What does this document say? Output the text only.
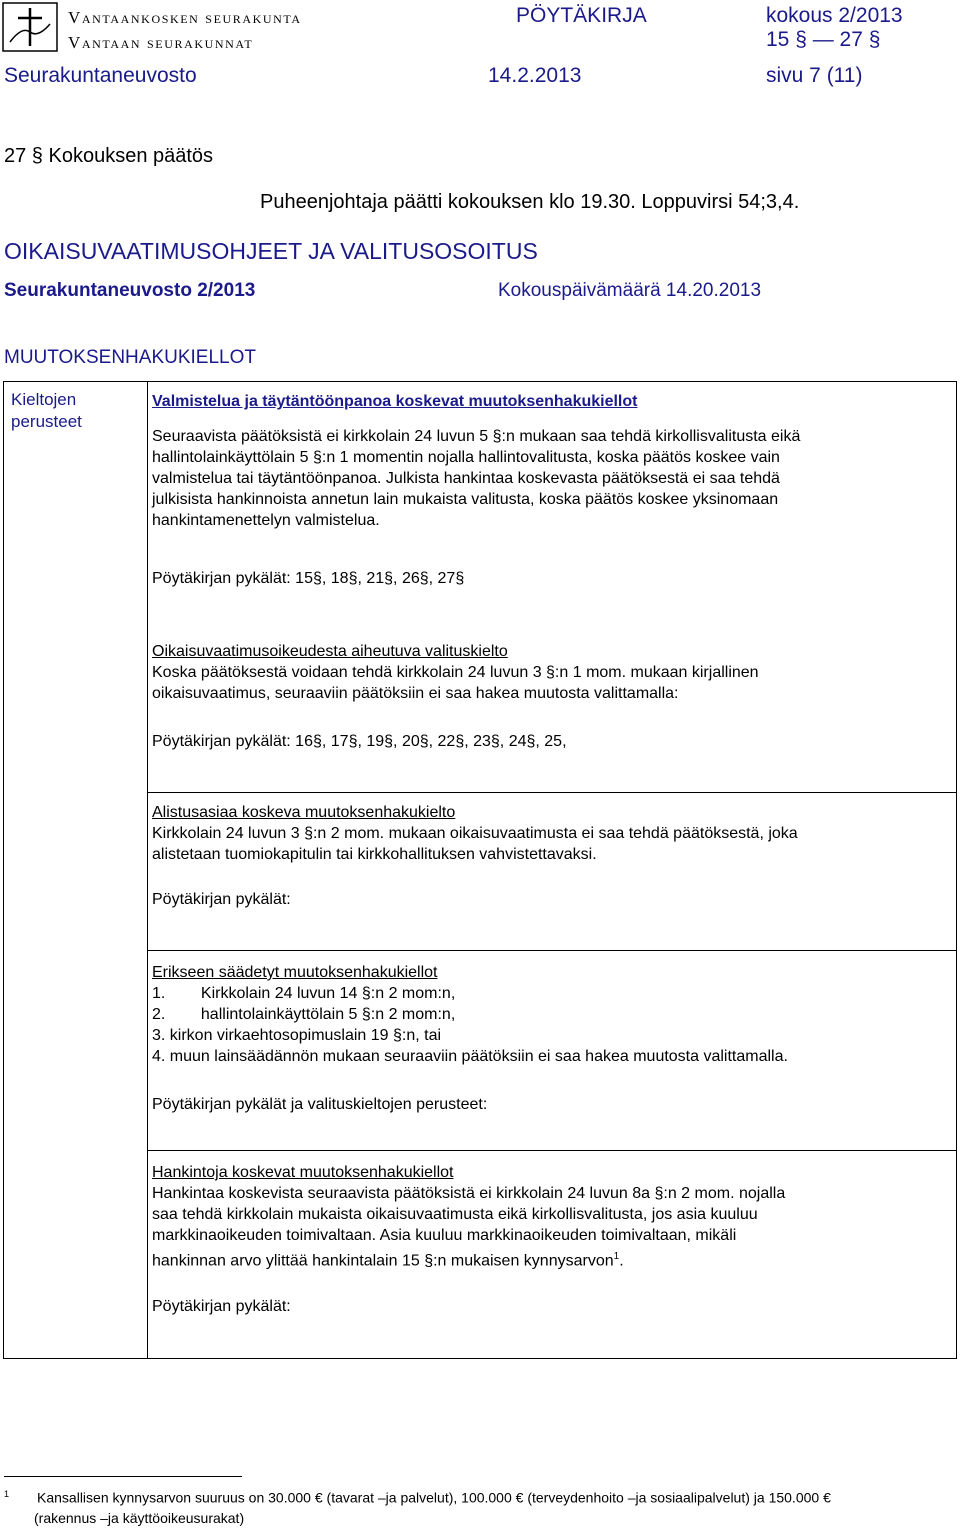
Vantaankosken seurakunta
Vantaan seurakunnat
PÖYTÄKIRJA	kokous 2/2013
15 § — 27 §
Seurakuntaneuvosto	14.2.2013	sivu 7 (11)
27 § Kokouksen päätös
Puheenjohtaja päätti kokouksen klo 19.30. Loppuvirsi 54;3,4.
OIKAISUVAATIMUSOHJEET JA VALITUSOSOITUS
Seurakuntaneuvosto 2/2013	Kokouspäivämäärä 14.20.2013
MUUTOKSENHAKUKIELLOT
Kieltojen
perusteet

Valmistelua ja täytäntöönpanoa koskevat muutoksenhakukiellot

Seuraavista päätöksistä ei kirkkolain 24 luvun 5 §:n mukaan saa tehdä kirkollisvalitusta eikä

hallintolainkäyttölain 5 §:n 1 momentin nojalla hallintovalitusta, koska päätös koskee vain

valmistelua tai täytäntöönpanoa. Julkista hankintaa koskevasta päätöksestä ei saa tehdä

julkisista hankinnoista annetun lain mukaista valitusta, koska päätös koskee yksinomaan

hankintamenettelyn valmistelua.

Pöytäkirjan pykälät: 15§, 18§, 21§, 26§, 27§

Oikaisuvaatimusoikeudesta aiheutuva valituskielto

Koska päätöksestä voidaan tehdä kirkkolain 24 luvun 3 §:n 1 mom. mukaan kirjallinen

oikaisuvaatimus, seuraaviin päätöksiin ei saa hakea muutosta valittamalla:

Pöytäkirjan pykälät: 16§, 17§, 19§, 20§, 22§, 23§, 24§, 25,

Alistusasiaa koskeva muutoksenhakukielto

Kirkkolain 24 luvun 3 §:n 2 mom. mukaan oikaisuvaatimusta ei saa tehdä päätöksestä, joka

alistetaan tuomiokapitulin tai kirkkohallituksen vahvistettavaksi.

Pöytäkirjan pykälät:

Erikseen säädetyt muutoksenhakukiellot

1.        Kirkkolain 24 luvun 14 §:n 2 mom:n,

2.        hallintolainkäyttölain 5 §:n 2 mom:n,

3. kirkon virkaehtosopimuslain 19 §:n, tai

4. muun lainsäädännön mukaan seuraaviin päätöksiin ei saa hakea muutosta valittamalla.

Pöytäkirjan pykälät ja valituskieltojen perusteet:

Hankintoja koskevat muutoksenhakukiellot

Hankintaa koskevista seuraavista päätöksistä ei kirkkolain 24 luvun 8a §:n 2 mom. nojalla

saa tehdä kirkkolain mukaista oikaisuvaatimusta eikä kirkollisvalitusta, jos asia kuuluu

markkinaoikeuden toimivaltaan. Asia kuuluu markkinaoikeuden toimivaltaan, mikäli

hankinnan arvo ylittää hankintalain 15 §:n mukaisen kynnysarvon$^1$.

Pöytäkirjan pykälät:
$^1$ Kansallisen kynnysarvon suuruus on 30.000 € (tavarat –ja palvelut), 100.000 € (terveydenhoito –ja sosiaalipalvelut) ja 150.000 €
(rakennus –ja käyttöoikeusurakat)
